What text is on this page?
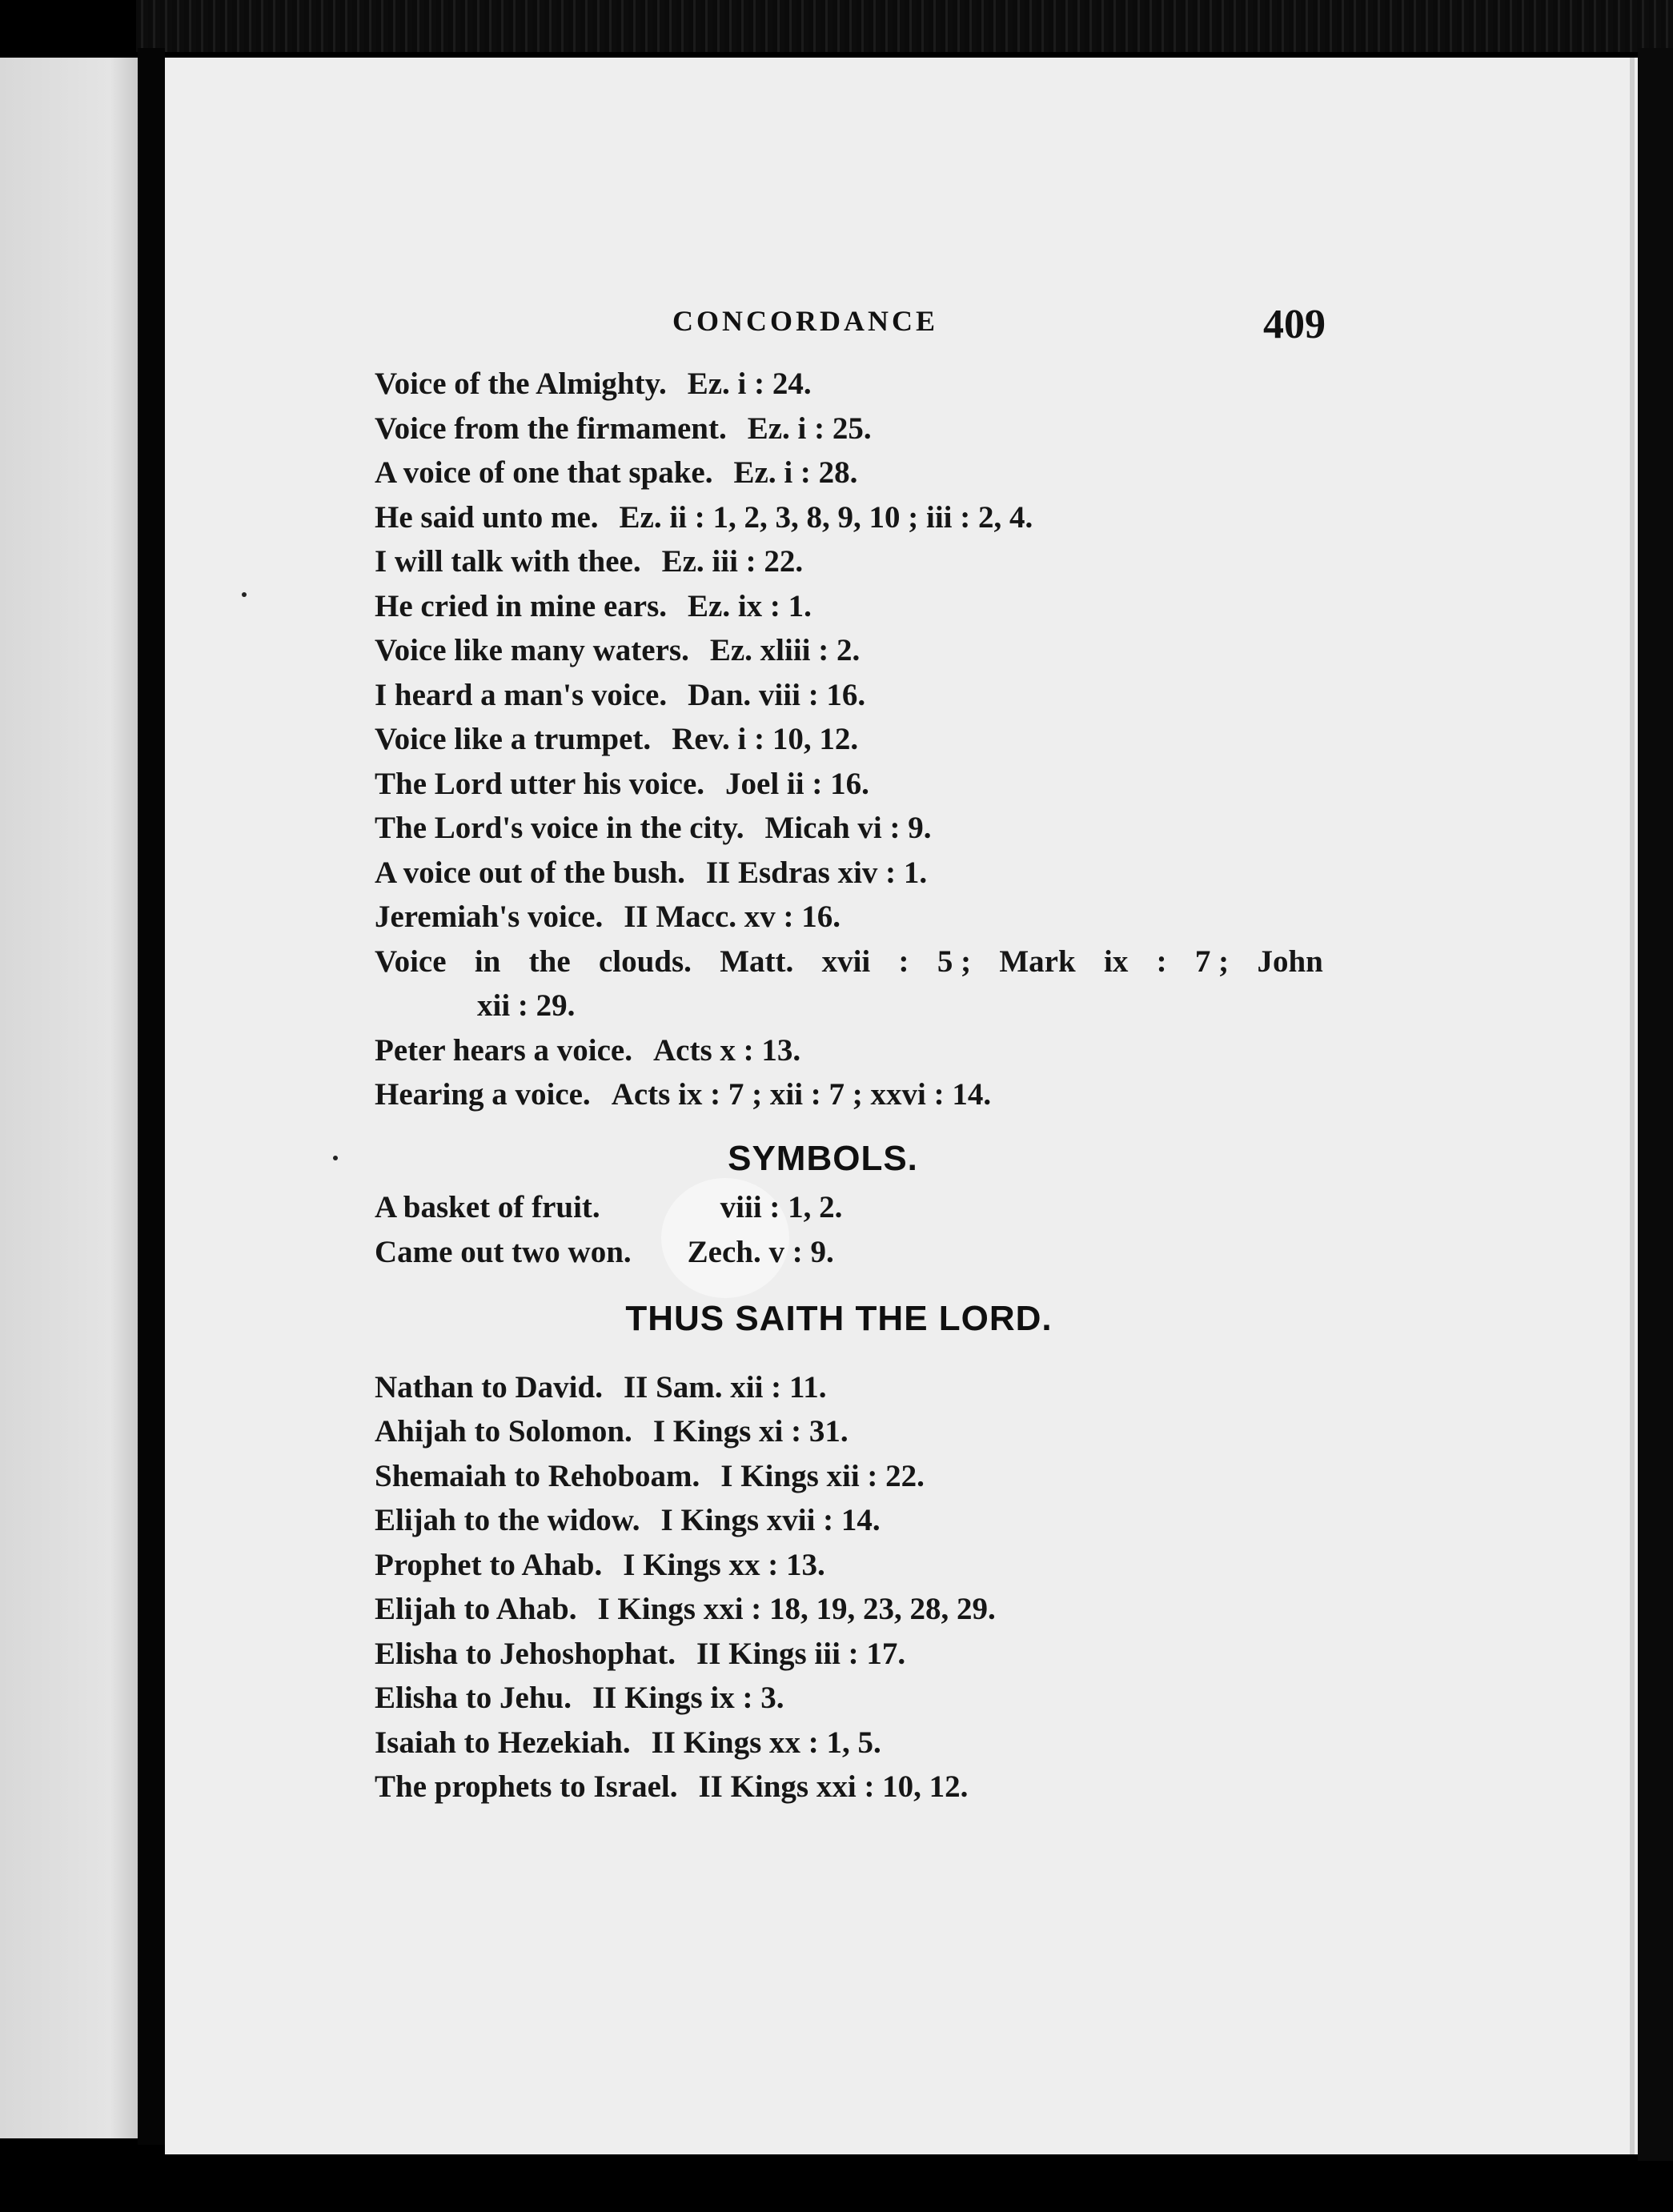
CONCORDANCE	409
Voice of the Almighty. Ez. i : 24.
Voice from the firmament. Ez. i : 25.
A voice of one that spake. Ez. i : 28.
He said unto me. Ez. ii : 1, 2, 3, 8, 9, 10 ; iii : 2, 4.
I will talk with thee. Ez. iii : 22.
He cried in mine ears. Ez. ix : 1.
Voice like many waters. Ez. xliii : 2.
I heard a man's voice. Dan. viii : 16.
Voice like a trumpet. Rev. i : 10, 12.
The Lord utter his voice. Joel ii : 16.
The Lord's voice in the city. Micah vi : 9.
A voice out of the bush. II Esdras xiv : 1.
Jeremiah's voice. II Macc. xv : 16.
Voice in the clouds. Matt. xvii : 5 ; Mark ix : 7 ; John
xii : 29.
Peter hears a voice. Acts x : 13.
Hearing a voice. Acts ix : 7 ; xii : 7 ; xxvi : 14.
SYMBOLS.
A basket of fruit.	viii : 1, 2.
Came out two won. Zech. v : 9.
THUS SAITH THE LORD.
Nathan to David. II Sam. xii : 11.
Ahijah to Solomon. I Kings xi : 31.
Shemaiah to Rehoboam. I Kings xii : 22.
Elijah to the widow. I Kings xvii : 14.
Prophet to Ahab. I Kings xx : 13.
Elijah to Ahab. I Kings xxi : 18, 19, 23, 28, 29.
Elisha to Jehoshophat. II Kings iii : 17.
Elisha to Jehu. II Kings ix : 3.
Isaiah to Hezekiah. II Kings xx : 1, 5.
The prophets to Israel. II Kings xxi : 10, 12.
